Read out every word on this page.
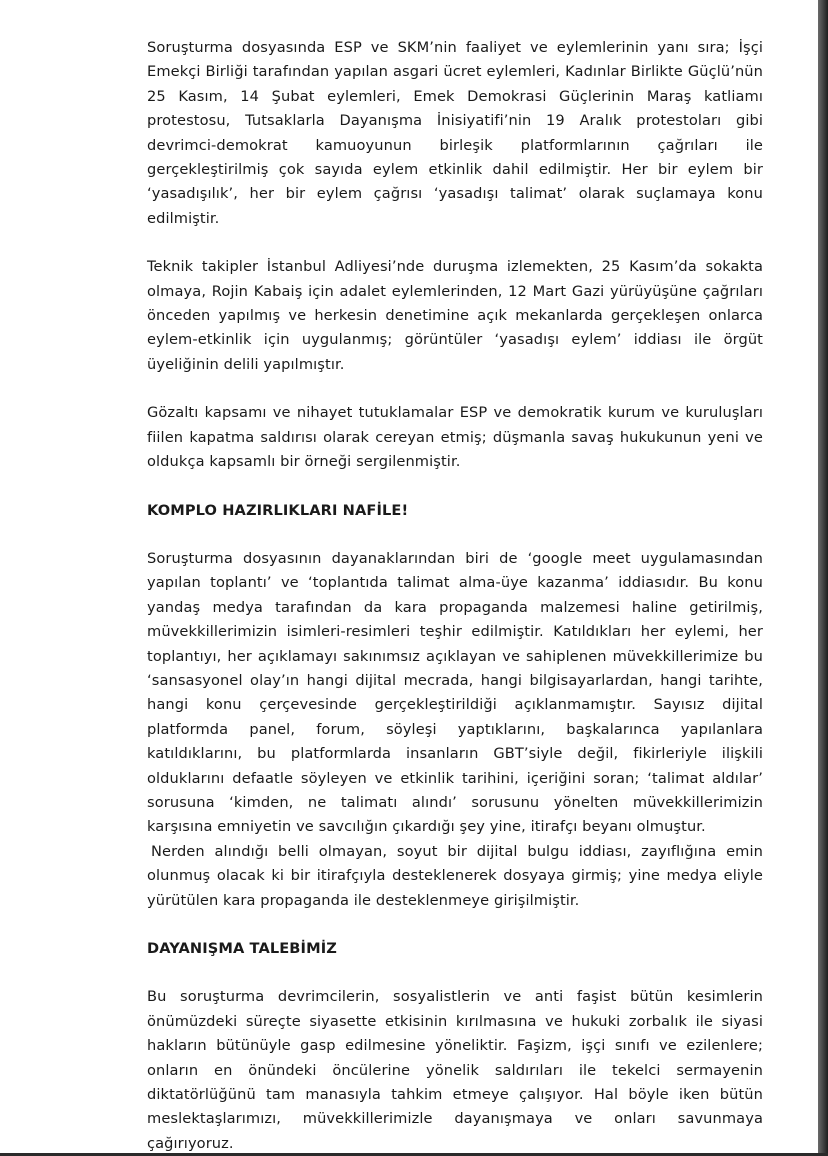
Soruşturma dosyasında ESP ve SKM’nin faaliyet ve eylemlerinin yanı sıra; İşçi Emekçi Birliği tarafından yapılan asgari ücret eylemleri, Kadınlar Birlikte Güçlü’nün 25 Kasım, 14 Şubat eylemleri, Emek Demokrasi Güçlerinin Maraş katliamı protestosu, Tutsaklarla Dayanışma İnisiyatifi’nin 19 Aralık protestoları gibi devrimci-demokrat kamuoyunun birleşik platformlarının çağrıları ile gerçekleştirilmiş çok sayıda eylem etkinlik dahil edilmiştir. Her bir eylem bir ‘yasadışılık’, her bir eylem çağrısı ‘yasadışı talimat’ olarak suçlamaya konu edilmiştir.

Teknik takipler İstanbul Adliyesi’nde duruşma izlemekten, 25 Kasım’da sokakta olmaya, Rojin Kabaiş için adalet eylemlerinden, 12 Mart Gazi yürüyüşüne çağrıları önceden yapılmış ve herkesin denetimine açık mekanlarda gerçekleşen onlarca eylem-etkinlik için uygulanmış; görüntüler ‘yasadışı eylem’ iddiası ile örgüt üyeliğinin delili yapılmıştır.

Gözaltı kapsamı ve nihayet tutuklamalar ESP ve demokratik kurum ve kuruluşları fiilen kapatma saldırısı olarak cereyan etmiş; düşmanla savaş hukukunun yeni ve oldukça kapsamlı bir örneği sergilenmiştir.

KOMPLO HAZIRLIKLARI NAFİLE!

Soruşturma dosyasının dayanaklarından biri de ‘google meet uygulamasından yapılan toplantı’ ve ‘toplantıda talimat alma-üye kazanma’ iddiasıdır. Bu konu yandaş medya tarafından da kara propaganda malzemesi haline getirilmiş, müvekkillerimizin isimleri-resimleri teşhir edilmiştir. Katıldıkları her eylemi, her toplantıyı, her açıklamayı sakınımsız açıklayan ve sahiplenen müvekkillerimize bu ‘sansasyonel olay’ın hangi dijital mecrada, hangi bilgisayarlardan, hangi tarihte, hangi konu çerçevesinde gerçekleştirildiği açıklanmamıştır. Sayısız dijital platformda panel, forum, söyleşi yaptıklarını, başkalarınca yapılanlara katıldıklarını, bu platformlarda insanların GBT’siyle değil, fikirleriyle ilişkili olduklarını defaatle söyleyen ve etkinlik tarihini, içeriğini soran; ‘talimat aldılar’ sorusuna ‘kimden, ne talimatı alındı’ sorusunu yönelten müvekkillerimizin karşısına emniyetin ve savcılığın çıkardığı şey yine, itirafçı beyanı olmuştur.

Nerden alındığı belli olmayan, soyut bir dijital bulgu iddiası, zayıflığına emin olunmuş olacak ki bir itirafçıyla desteklenerek dosyaya girmiş; yine medya eliyle yürütülen kara propaganda ile desteklenmeye girişilmiştir.

DAYANIŞMA TALEBİMİZ

Bu soruşturma devrimcilerin, sosyalistlerin ve anti faşist bütün kesimlerin önümüzdeki süreçte siyasette etkisinin kırılmasına ve hukuki zorbalık ile siyasi hakların bütünüyle gasp edilmesine yöneliktir. Faşizm, işçi sınıfı ve ezilenlere; onların en önündeki öncülerine yönelik saldırıları ile tekelci sermayenin diktatörlüğünü tam manasıyla tahkim etmeye çalışıyor. Hal böyle iken bütün meslektaşlarımızı, müvekkillerimizle dayanışmaya ve onları savunmaya çağırıyoruz.
